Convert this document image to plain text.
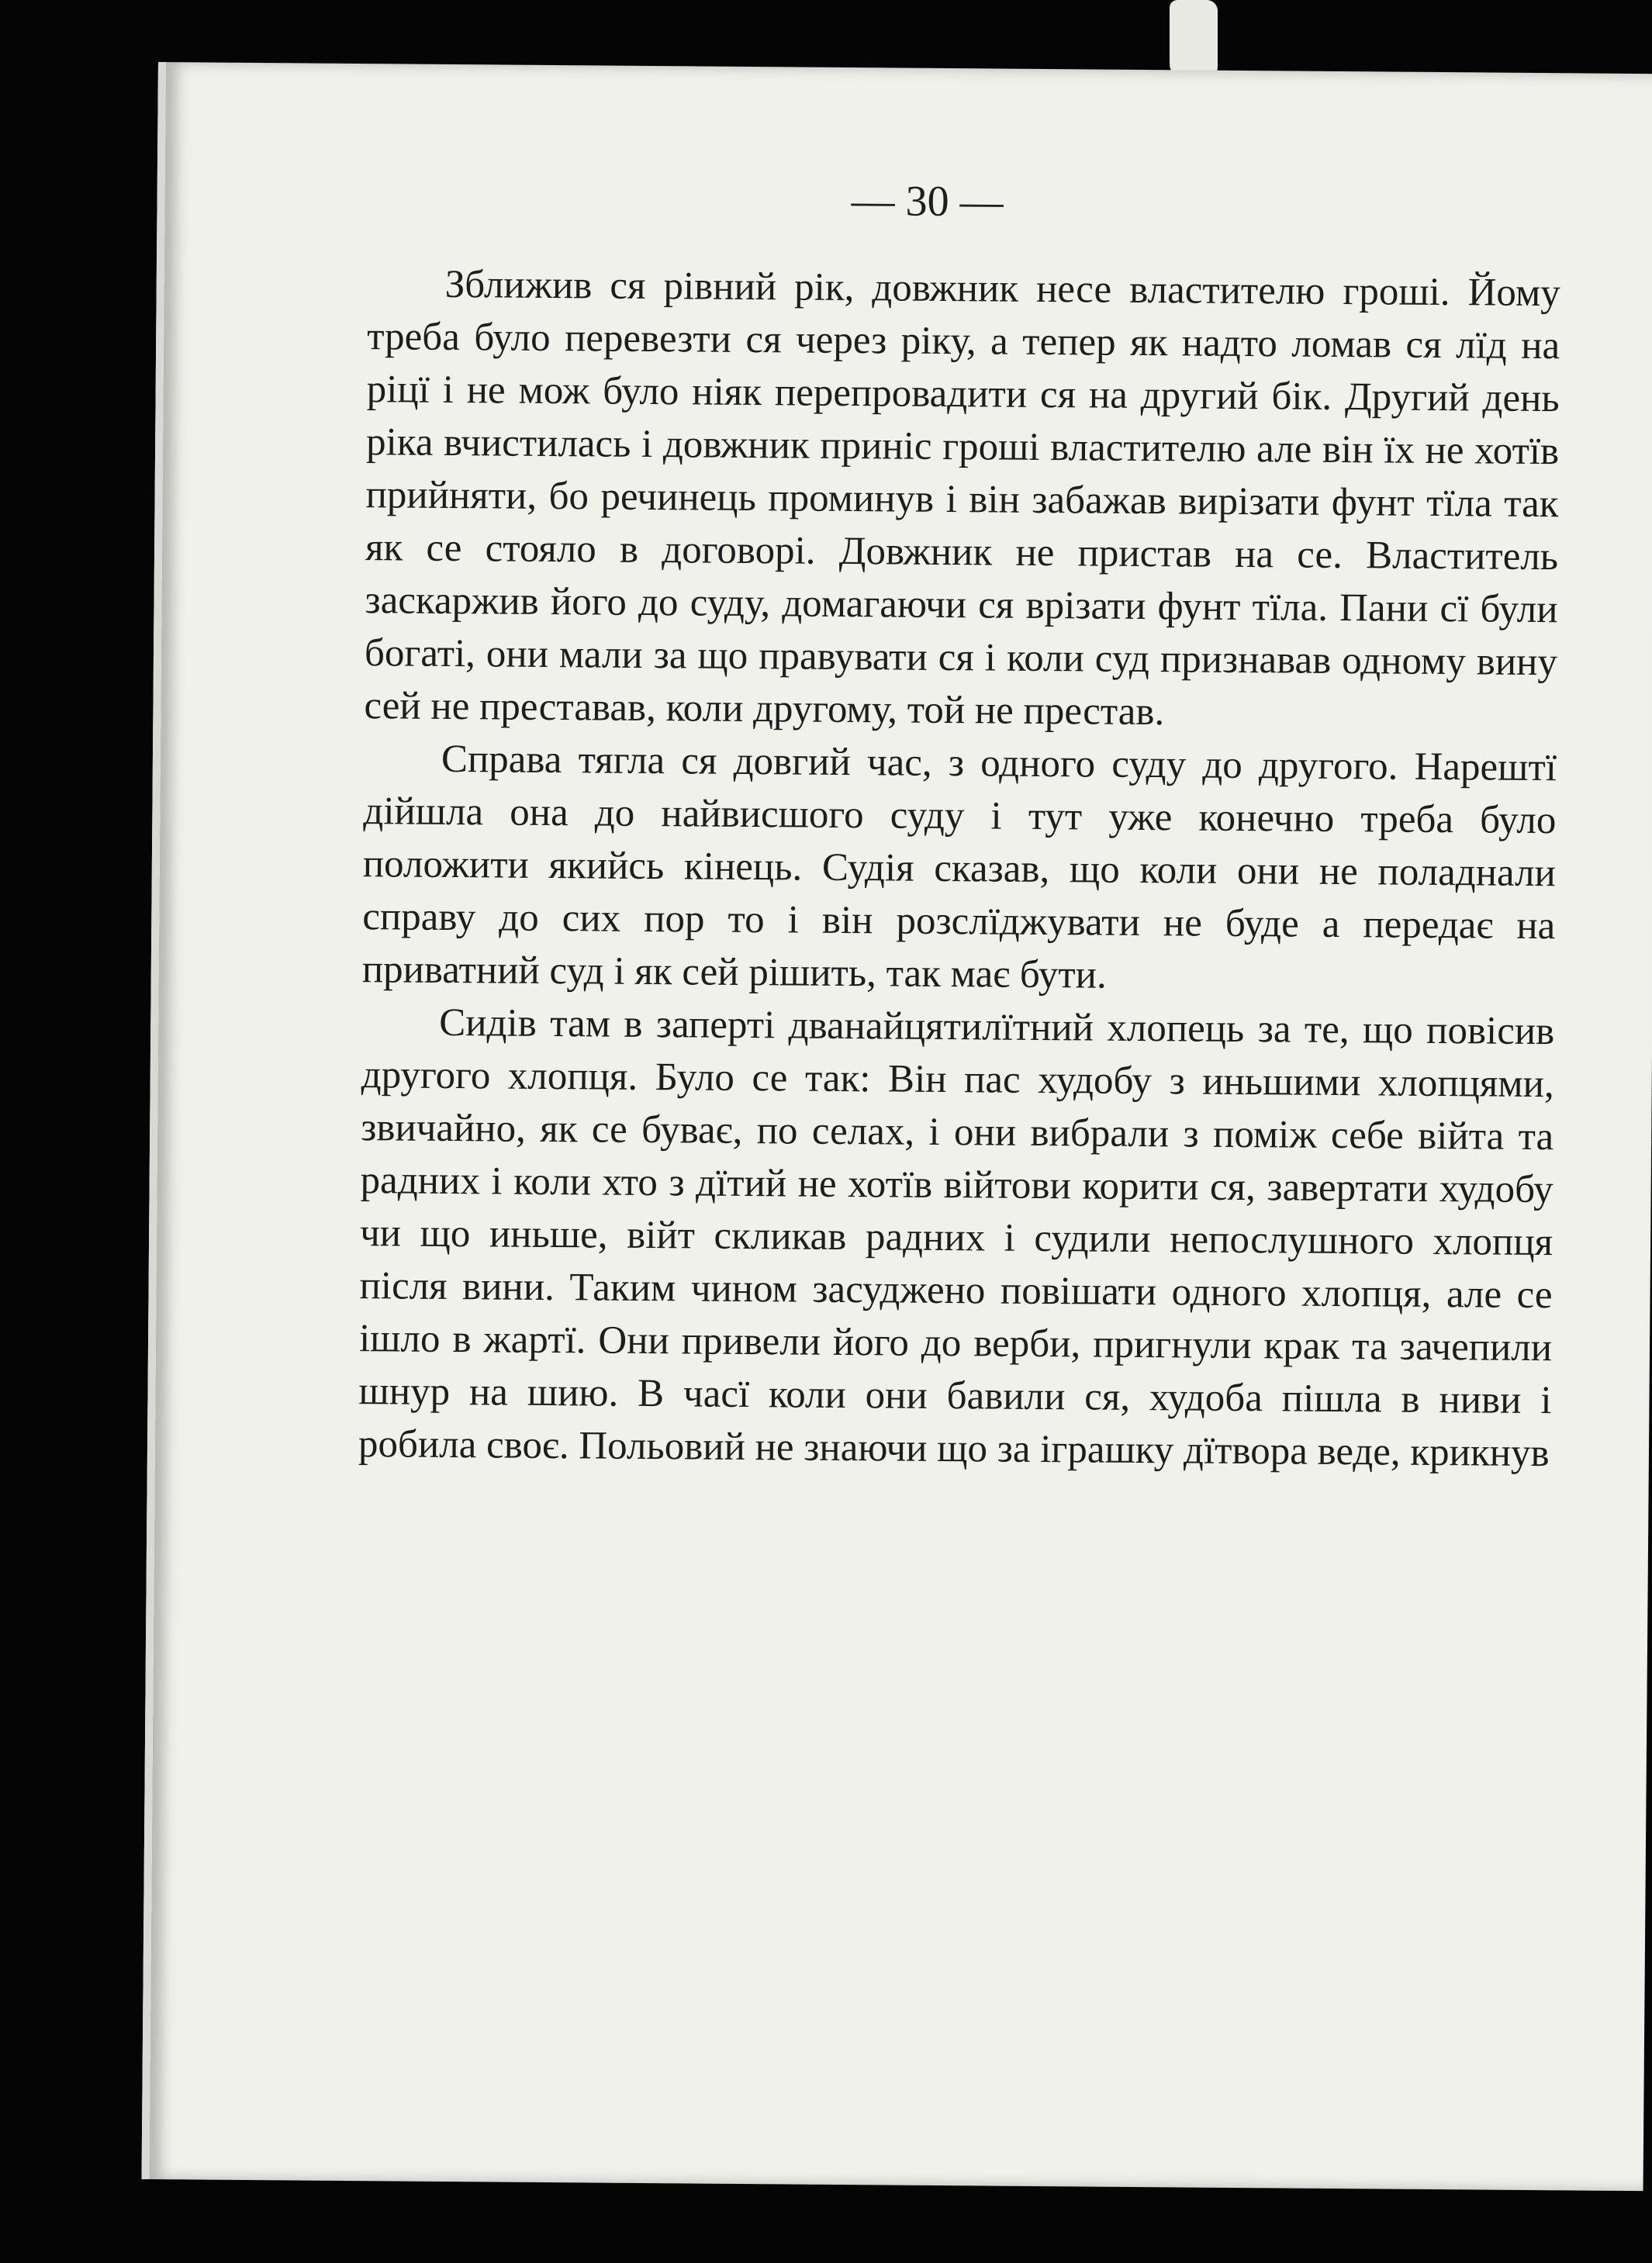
— 30 —

Зближив ся рівний рік, довжник несе властителю гроші. Йому треба було перевезти ся через ріку, а тепер як надто ломав ся лїд на ріцї і не мож було ніяк перепровадити ся на другий бік. Другий день ріка вчистилась і довжник приніс гроші властителю але він їх не хотїв прийняти, бо речинець проминув і він забажав вирізати фунт тїла так як се стояло в договорі. Довжник не пристав на се. Властитель заскаржив його до суду, домагаючи ся врізати фунт тїла. Пани сї були богаті, они мали за що правувати ся і коли суд признавав одному вину сей не преставав, коли другому, той не престав.

Справа тягла ся довгий час, з одного суду до другого. Нарештї дійшла она до найвисшого суду і тут уже конечно треба було положити якийсь кінець. Судія сказав, що коли они не поладнали справу до сих пор то і він розслїджувати не буде а передає на приватний суд і як сей рішить, так має бути.

Сидів там в заперті дванайцятилїтний хлопець за те, що повісив другого хлопця. Було се так: Він пас худобу з иньшими хлопцями, звичайно, як се буває, по селах, і они вибрали з поміж себе війта та радних і коли хто з дїтий не хотїв війтови корити ся, завертати худобу чи що иньше, війт скликав радних і судили непослушного хлопця після вини. Таким чином засуджено повішати одного хлопця, але се ішло в жартї. Они привели його до верби, пригнули крак та зачепили шнур на шию. В часї коли они бавили ся, худоба пішла в ниви і робила своє. Польовий не знаючи що за іграшку дїтвора веде, крикнув
